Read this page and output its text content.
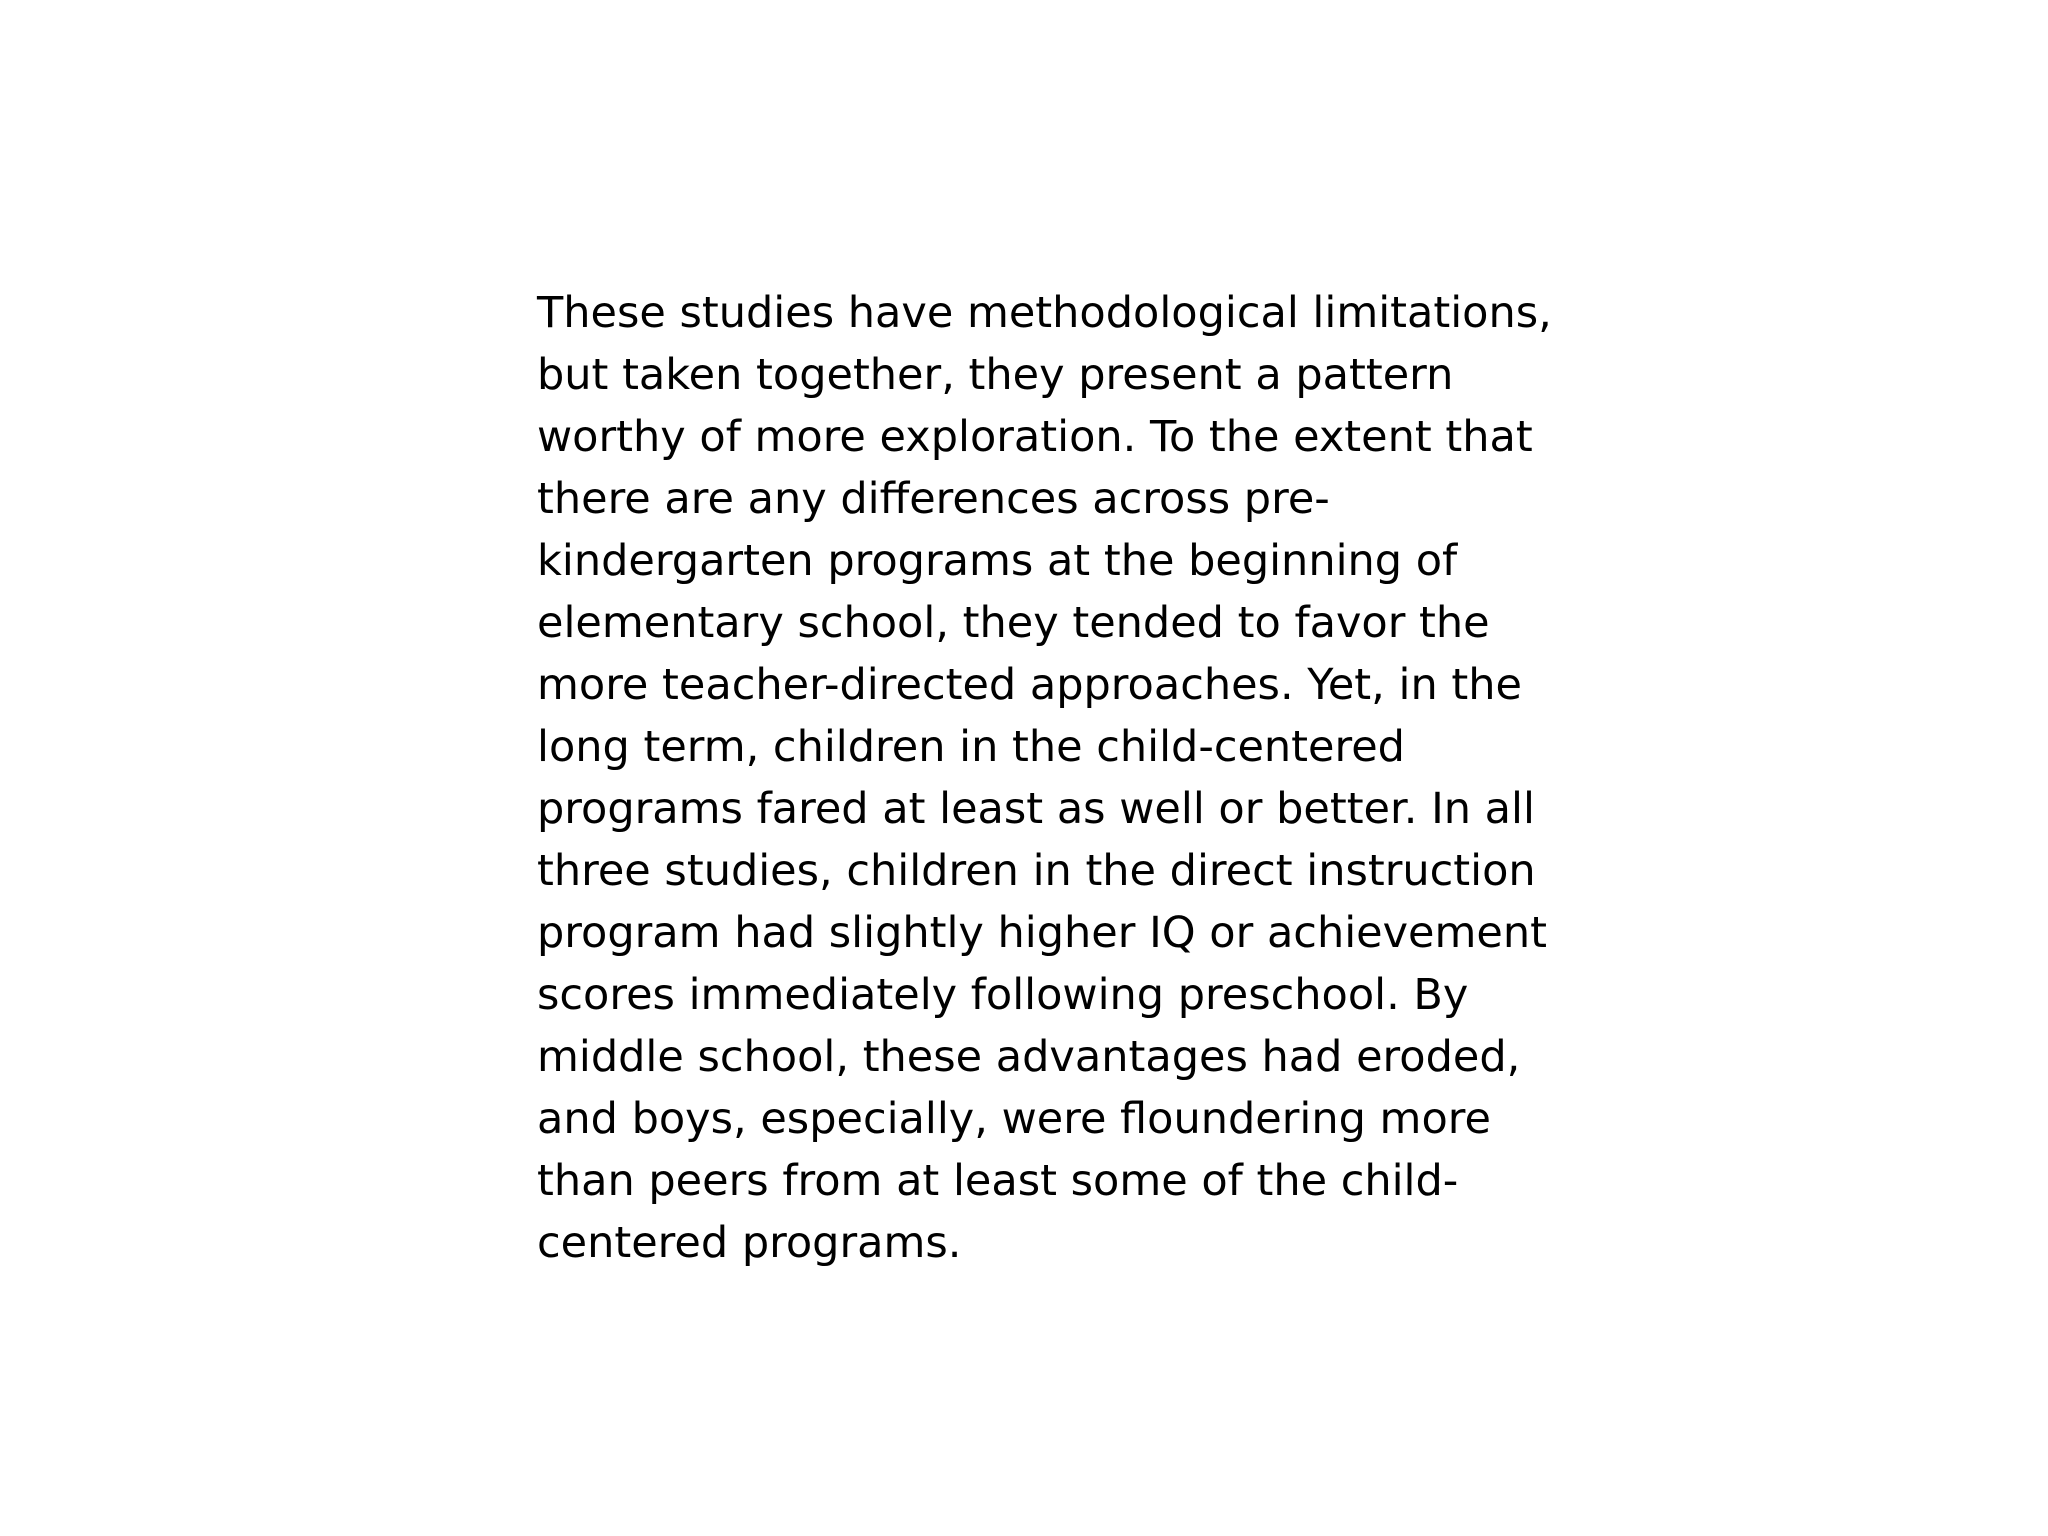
These studies have methodological limitations,
but taken together, they present a pattern
worthy of more exploration. To the extent that
there are any differences across pre-
kindergarten programs at the beginning of
elementary school, they tended to favor the
more teacher-directed approaches. Yet, in the
long term, children in the child-centered
programs fared at least as well or better. In all
three studies, children in the direct instruction
program had slightly higher IQ or achievement
scores immediately following preschool. By
middle school, these advantages had eroded,
and boys, especially, were floundering more
than peers from at least some of the child-
centered programs.
